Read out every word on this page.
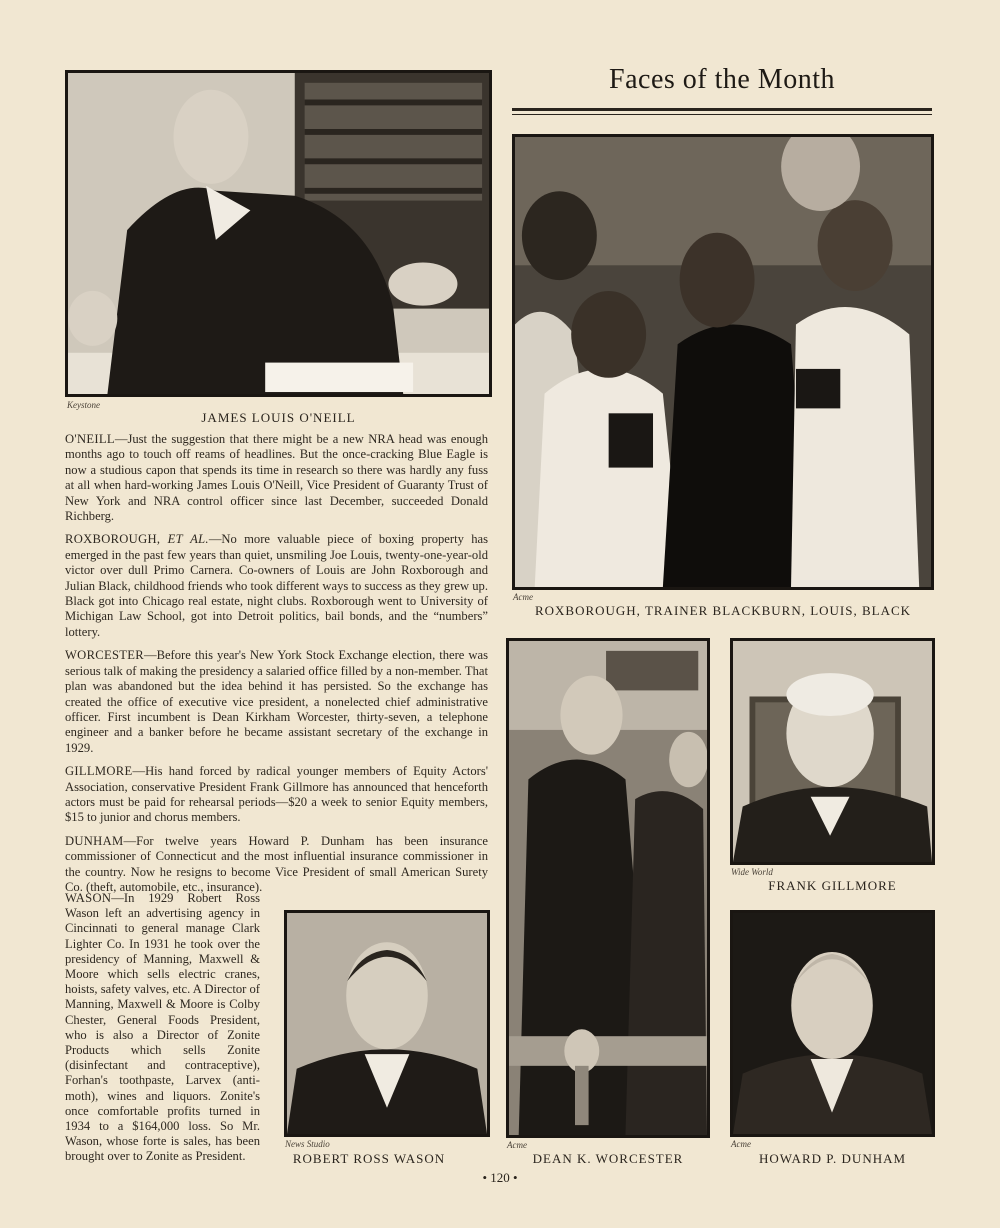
Faces of the Month
Keystone
JAMES LOUIS O'NEILL
Acme
ROXBOROUGH, TRAINER BLACKBURN, LOUIS, BLACK
Acme
DEAN K. WORCESTER
Wide World
FRANK GILLMORE
News Studio
ROBERT ROSS WASON
Acme
HOWARD P. DUNHAM

O'NEILL—Just the suggestion that there might be a new NRA head was enough months ago to touch off reams of headlines. But the once-cracking Blue Eagle is now a studious capon that spends its time in research so there was hardly any fuss at all when hard-working James Louis O'Neill, Vice President of Guaranty Trust of New York and NRA control officer since last December, succeeded Donald Richberg.

ROXBOROUGH, ET AL.—No more valuable piece of boxing property has emerged in the past few years than quiet, unsmiling Joe Louis, twenty-one-year-old victor over dull Primo Carnera. Co-owners of Louis are John Roxborough and Julian Black, childhood friends who took different ways to success as they grew up. Black got into Chicago real estate, night clubs. Roxborough went to University of Michigan Law School, got into Detroit politics, bail bonds, and the “numbers” lottery.

WORCESTER—Before this year's New York Stock Exchange election, there was serious talk of making the presidency a salaried office filled by a non-member. That plan was abandoned but the idea behind it has persisted. So the exchange has created the office of executive vice president, a nonelected chief administrative officer. First incumbent is Dean Kirkham Worcester, thirty-seven, a telephone engineer and a banker before he became assistant secretary of the exchange in 1929.

GILLMORE—His hand forced by radical younger members of Equity Actors' Association, conservative President Frank Gillmore has announced that henceforth actors must be paid for rehearsal periods—$20 a week to senior Equity members, $15 to junior and chorus members.

DUNHAM—For twelve years Howard P. Dunham has been insurance commissioner of Connecticut and the most influential insurance commissioner in the country. Now he resigns to become Vice President of small American Surety Co. (theft, automobile, etc., insurance).

WASON—In 1929 Robert Ross Wason left an advertising agency in Cincinnati to general manage Clark Lighter Co. In 1931 he took over the presidency of Manning, Maxwell & Moore which sells electric cranes, hoists, safety valves, etc. A Director of Manning, Maxwell & Moore is Colby Chester, General Foods President, who is also a Director of Zonite Products which sells Zonite (disinfectant and contraceptive), Forhan's toothpaste, Larvex (anti-moth), wines and liquors. Zonite's once comfortable profits turned in 1934 to a $164,000 loss. So Mr. Wason, whose forte is sales, has been brought over to Zonite as President.

• 120 •
